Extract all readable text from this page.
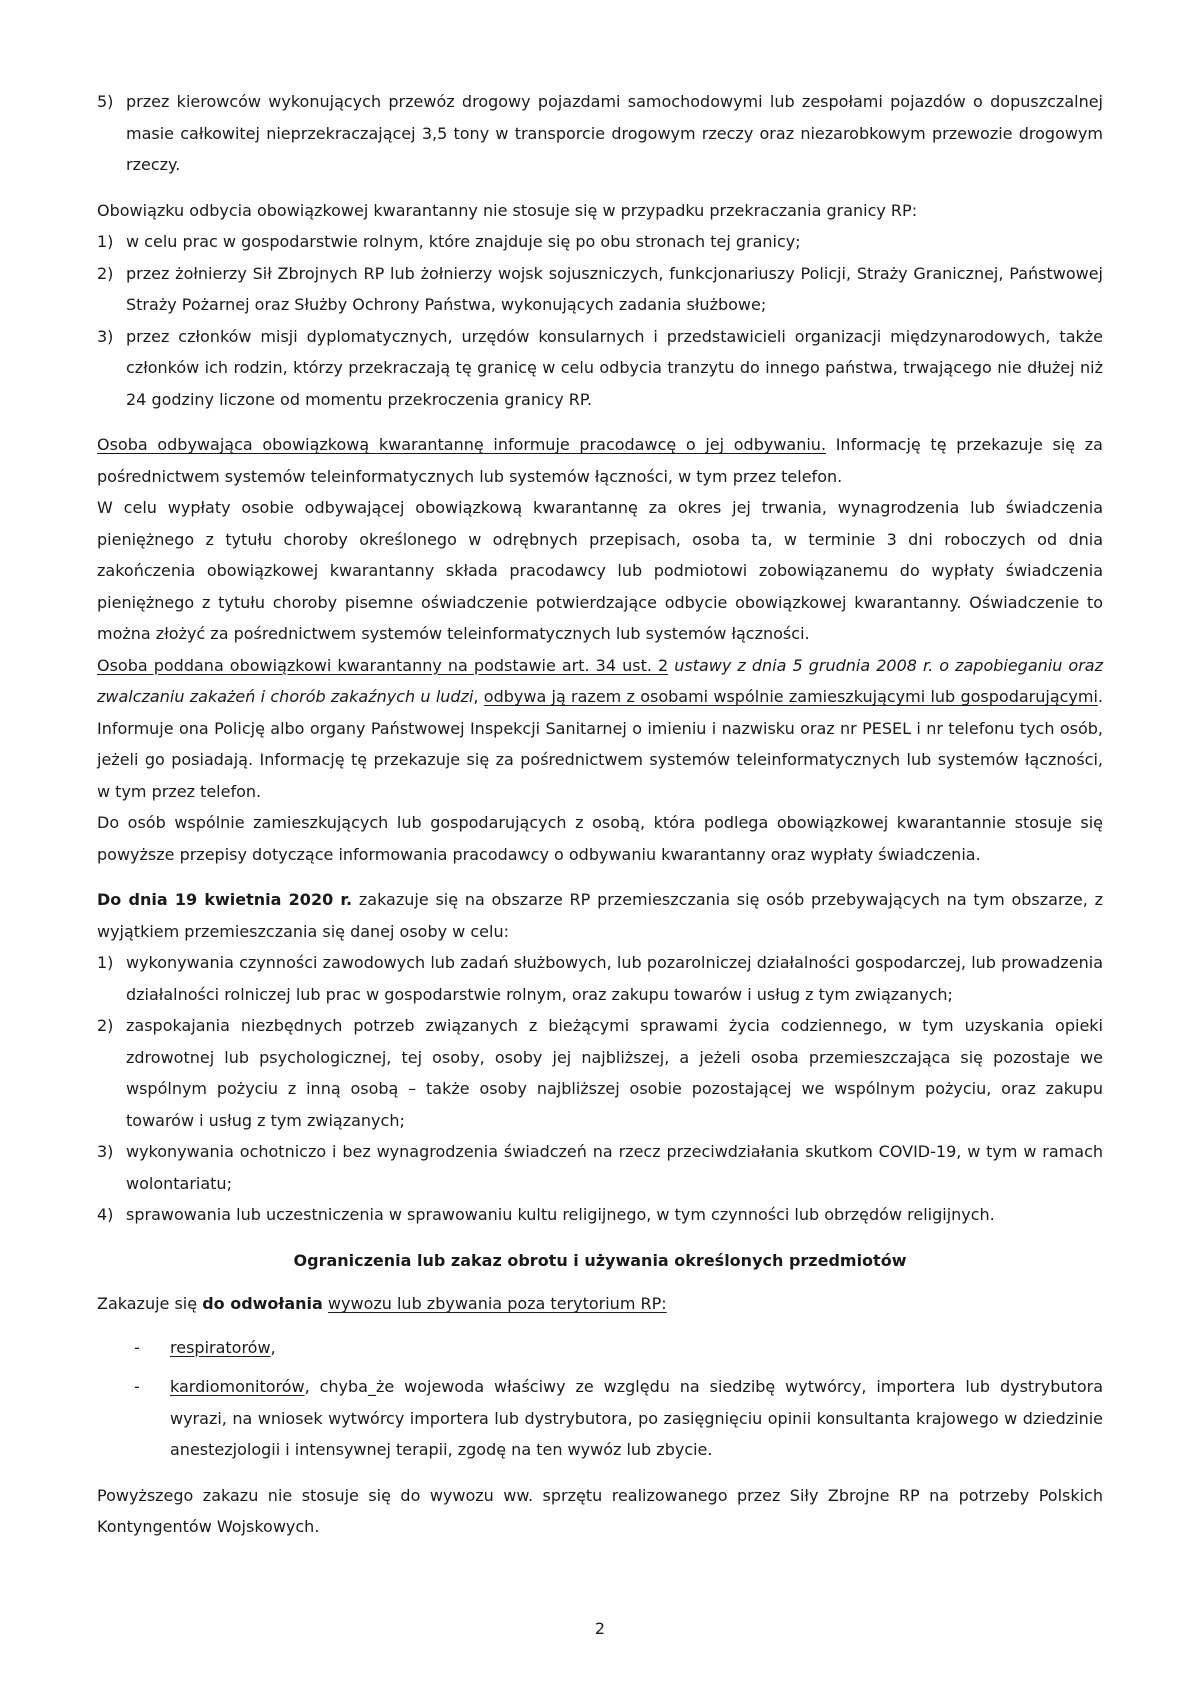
5) przez kierowców wykonujących przewóz drogowy pojazdami samochodowymi lub zespołami pojazdów o dopuszczalnej masie całkowitej nieprzekraczającej 3,5 tony w transporcie drogowym rzeczy oraz niezarobkowym przewozie drogowym rzeczy.

Obowiązku odbycia obowiązkowej kwarantanny nie stosuje się w przypadku przekraczania granicy RP:

1) w celu prac w gospodarstwie rolnym, które znajduje się po obu stronach tej granicy;
2) przez żołnierzy Sił Zbrojnych RP lub żołnierzy wojsk sojuszniczych, funkcjonariuszy Policji, Straży Granicznej, Państwowej Straży Pożarnej oraz Służby Ochrony Państwa, wykonujących zadania służbowe;
3) przez członków misji dyplomatycznych, urzędów konsularnych i przedstawicieli organizacji międzynarodowych, także członków ich rodzin, którzy przekraczają tę granicę w celu odbycia tranzytu do innego państwa, trwającego nie dłużej niż 24 godziny liczone od momentu przekroczenia granicy RP.

Osoba odbywająca obowiązkową kwarantannę informuje pracodawcę o jej odbywaniu. Informację tę przekazuje się za pośrednictwem systemów teleinformatycznych lub systemów łączności, w tym przez telefon.

W celu wypłaty osobie odbywającej obowiązkową kwarantannę za okres jej trwania, wynagrodzenia lub świadczenia pieniężnego z tytułu choroby określonego w odrębnych przepisach, osoba ta, w terminie 3 dni roboczych od dnia zakończenia obowiązkowej kwarantanny składa pracodawcy lub podmiotowi zobowiązanemu do wypłaty świadczenia pieniężnego z tytułu choroby pisemne oświadczenie potwierdzające odbycie obowiązkowej kwarantanny. Oświadczenie to można złożyć za pośrednictwem systemów teleinformatycznych lub systemów łączności.

Osoba poddana obowiązkowi kwarantanny na podstawie art. 34 ust. 2 ustawy z dnia 5 grudnia 2008 r. o zapobieganiu oraz zwalczaniu zakażeń i chorób zakaźnych u ludzi, odbywa ją razem z osobami wspólnie zamieszkującymi lub gospodarującymi. Informuje ona Policję albo organy Państwowej Inspekcji Sanitarnej o imieniu i nazwisku oraz nr PESEL i nr telefonu tych osób, jeżeli go posiadają. Informację tę przekazuje się za pośrednictwem systemów teleinformatycznych lub systemów łączności, w tym przez telefon.

Do osób wspólnie zamieszkujących lub gospodarujących z osobą, która podlega obowiązkowej kwarantannie stosuje się powyższe przepisy dotyczące informowania pracodawcy o odbywaniu kwarantanny oraz wypłaty świadczenia.

Do dnia 19 kwietnia 2020 r. zakazuje się na obszarze RP przemieszczania się osób przebywających na tym obszarze, z wyjątkiem przemieszczania się danej osoby w celu:

1) wykonywania czynności zawodowych lub zadań służbowych, lub pozarolniczej działalności gospodarczej, lub prowadzenia działalności rolniczej lub prac w gospodarstwie rolnym, oraz zakupu towarów i usług z tym związanych;
2) zaspokajania niezbędnych potrzeb związanych z bieżącymi sprawami życia codziennego, w tym uzyskania opieki zdrowotnej lub psychologicznej, tej osoby, osoby jej najbliższej, a jeżeli osoba przemieszczająca się pozostaje we wspólnym pożyciu z inną osobą – także osoby najbliższej osobie pozostającej we wspólnym pożyciu, oraz zakupu towarów i usług z tym związanych;
3) wykonywania ochotniczo i bez wynagrodzenia świadczeń na rzecz przeciwdziałania skutkom COVID-19, w tym w ramach wolontariatu;
4) sprawowania lub uczestniczenia w sprawowaniu kultu religijnego, w tym czynności lub obrzędów religijnych.
Ograniczenia lub zakaz obrotu i używania określonych przedmiotów

Zakazuje się do odwołania wywozu lub zbywania poza terytorium RP:

- respiratorów,
- kardiomonitorów, chyba_że wojewoda właściwy ze względu na siedzibę wytwórcy, importera lub dystrybutora wyrazi, na wniosek wytwórcy importera lub dystrybutora, po zasięgnięciu opinii konsultanta krajowego w dziedzinie anestezjologii i intensywnej terapii, zgodę na ten wywóz lub zbycie.

Powyższego zakazu nie stosuje się do wywozu ww. sprzętu realizowanego przez Siły Zbrojne RP na potrzeby Polskich Kontyngentów Wojskowych.

2
